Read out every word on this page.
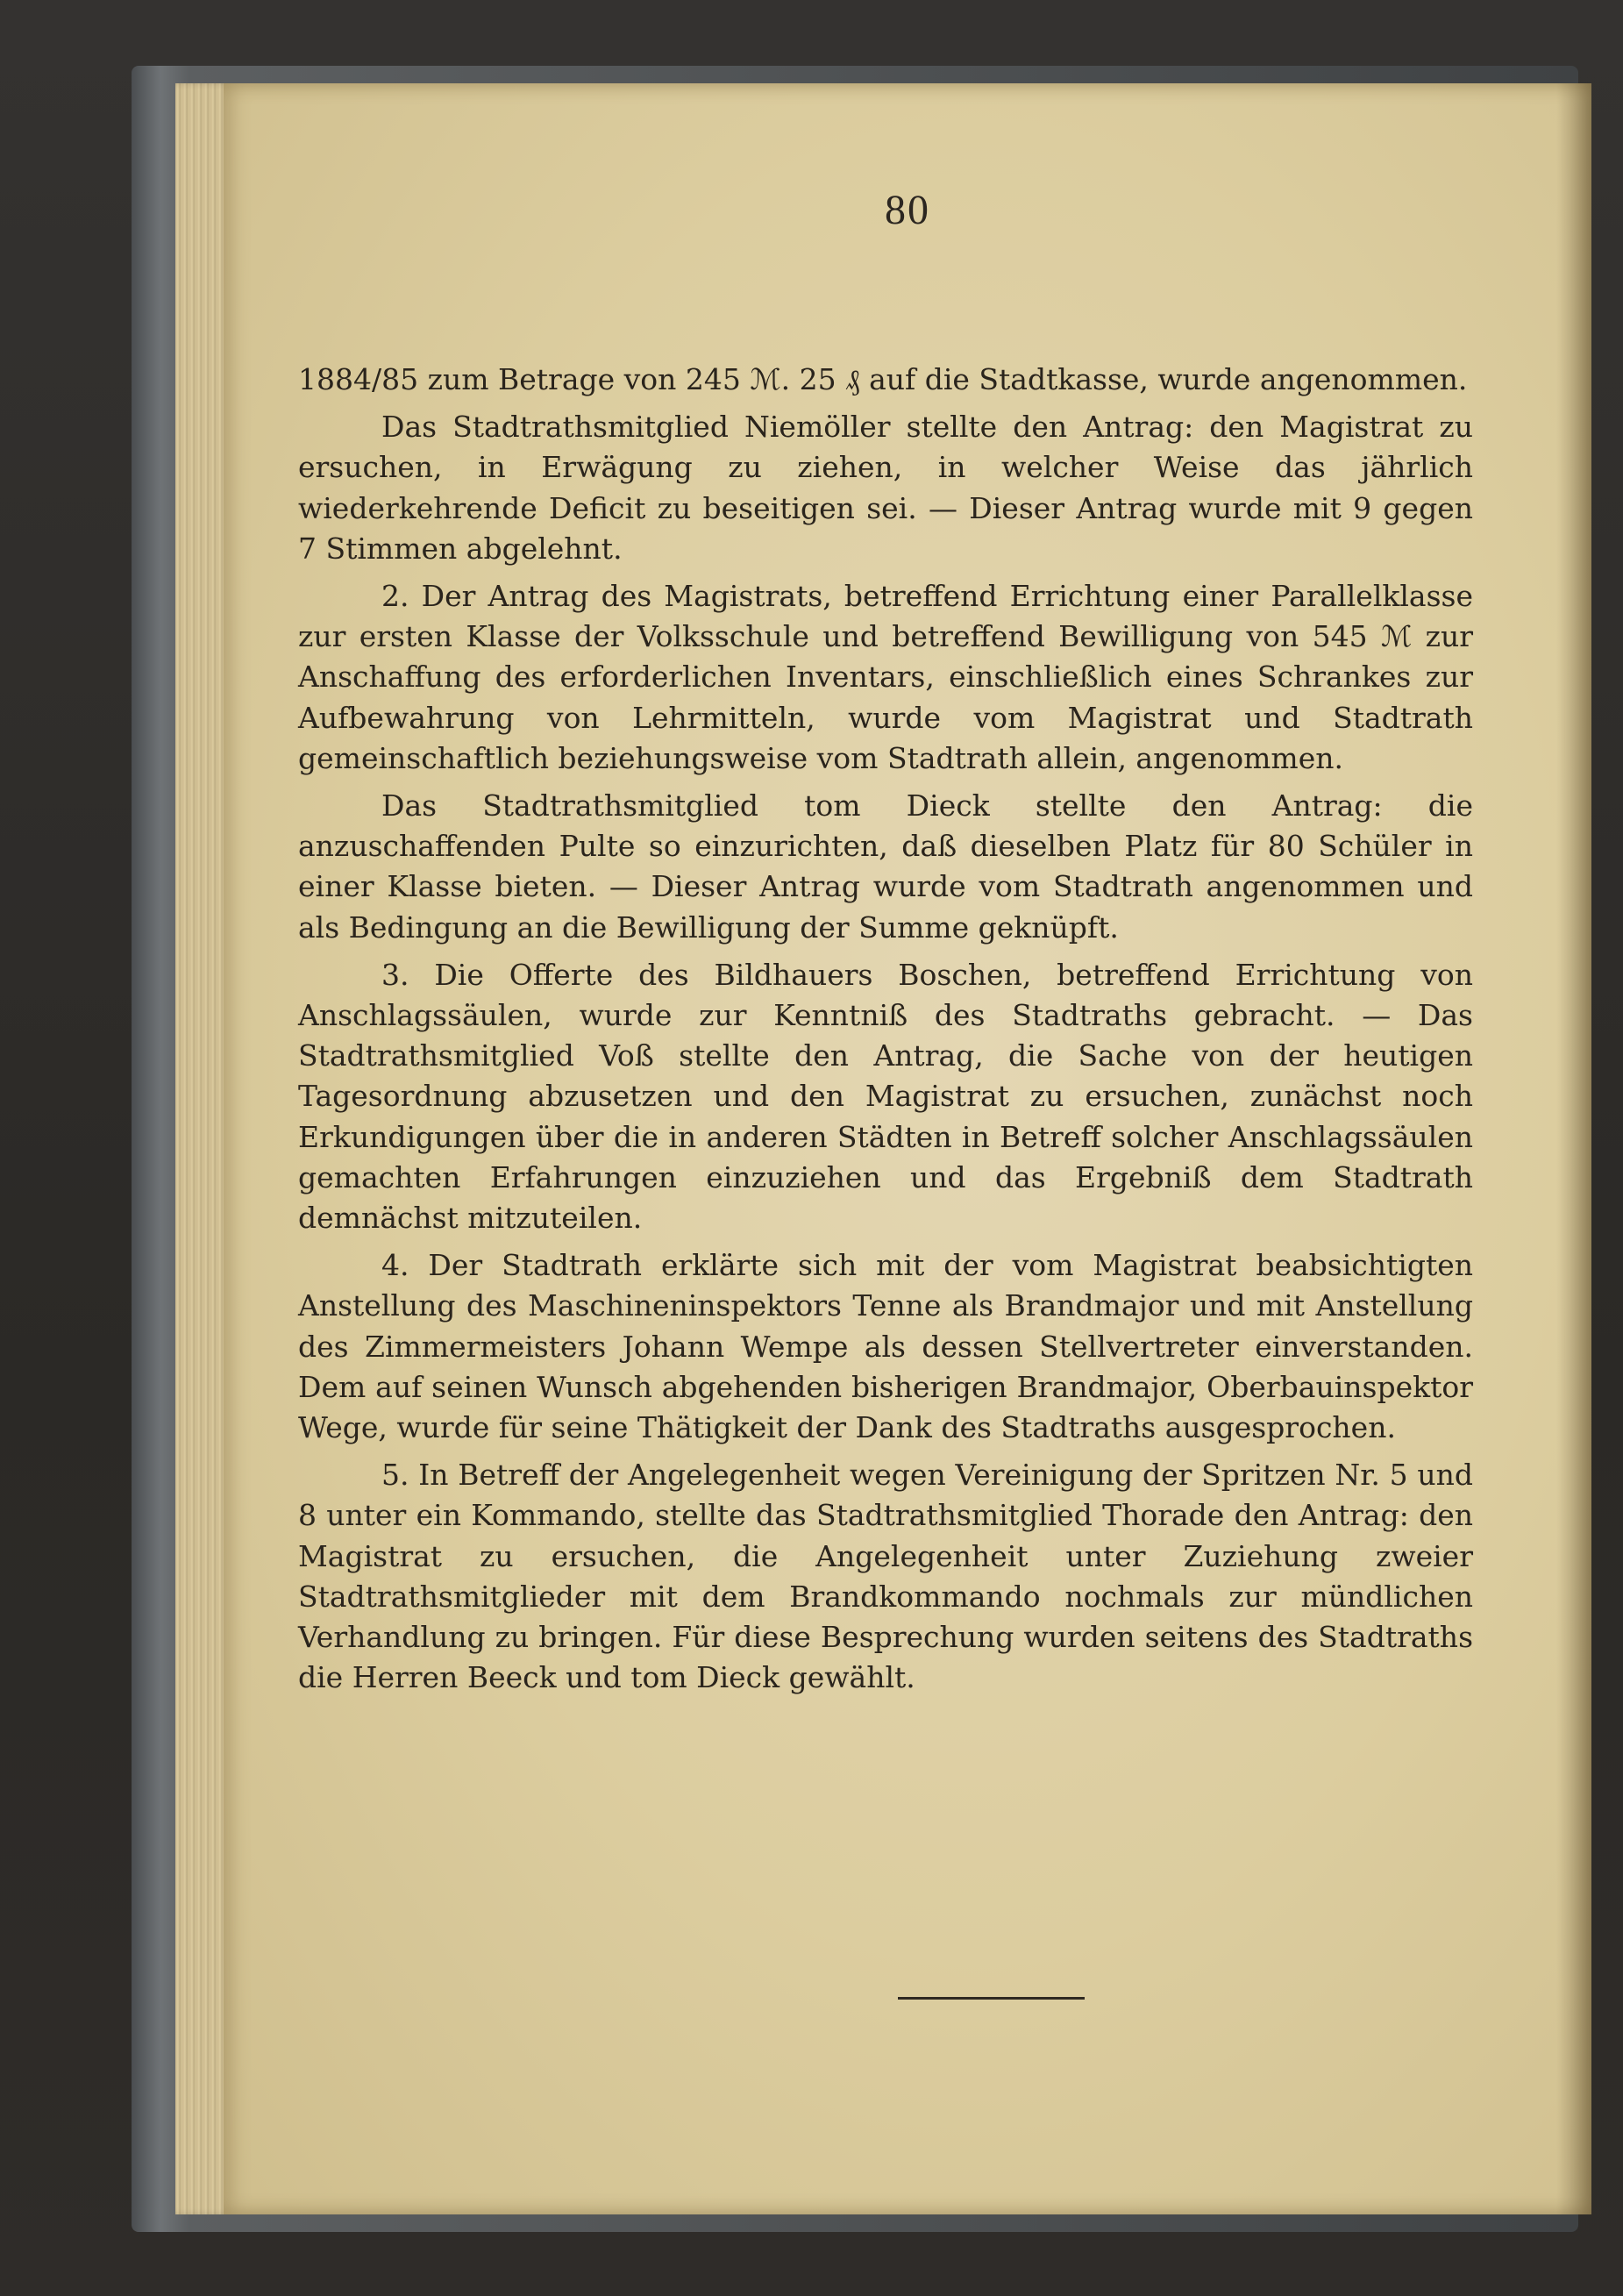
80

1884/85 zum Betrage von 245 ℳ. 25 ₰ auf die Stadtkasse, wurde angenommen.

Das Stadtrathsmitglied Niemöller stellte den Antrag: den Magistrat zu ersuchen, in Erwägung zu ziehen, in welcher Weise das jährlich wiederkehrende Deficit zu beseitigen sei. — Dieser Antrag wurde mit 9 gegen 7 Stimmen abgelehnt.

2. Der Antrag des Magistrats, betreffend Errichtung einer Parallelklasse zur ersten Klasse der Volksschule und betreffend Bewilligung von 545 ℳ zur Anschaffung des erforderlichen Inventars, einschließlich eines Schrankes zur Aufbewahrung von Lehrmitteln, wurde vom Magistrat und Stadtrath gemeinschaftlich beziehungsweise vom Stadtrath allein, angenommen.

Das Stadtrathsmitglied tom Dieck stellte den Antrag: die anzuschaffenden Pulte so einzurichten, daß dieselben Platz für 80 Schüler in einer Klasse bieten. — Dieser Antrag wurde vom Stadtrath angenommen und als Bedingung an die Bewilligung der Summe geknüpft.

3. Die Offerte des Bildhauers Boschen, betreffend Errichtung von Anschlagssäulen, wurde zur Kenntniß des Stadtraths gebracht. — Das Stadtrathsmitglied Voß stellte den Antrag, die Sache von der heutigen Tagesordnung abzusetzen und den Magistrat zu ersuchen, zunächst noch Erkundigungen über die in anderen Städten in Betreff solcher Anschlagssäulen gemachten Erfahrungen einzuziehen und das Ergebniß dem Stadtrath demnächst mitzuteilen.

4. Der Stadtrath erklärte sich mit der vom Magistrat beabsichtigten Anstellung des Maschineninspektors Tenne als Brandmajor und mit Anstellung des Zimmermeisters Johann Wempe als dessen Stellvertreter einverstanden. Dem auf seinen Wunsch abgehenden bisherigen Brandmajor, Oberbauinspektor Wege, wurde für seine Thätigkeit der Dank des Stadtraths ausgesprochen.

5. In Betreff der Angelegenheit wegen Vereinigung der Spritzen Nr. 5 und 8 unter ein Kommando, stellte das Stadtrathsmitglied Thorade den Antrag: den Magistrat zu ersuchen, die Angelegenheit unter Zuziehung zweier Stadtrathsmitglieder mit dem Brandkommando nochmals zur mündlichen Verhandlung zu bringen. Für diese Besprechung wurden seitens des Stadtraths die Herren Beeck und tom Dieck gewählt.
